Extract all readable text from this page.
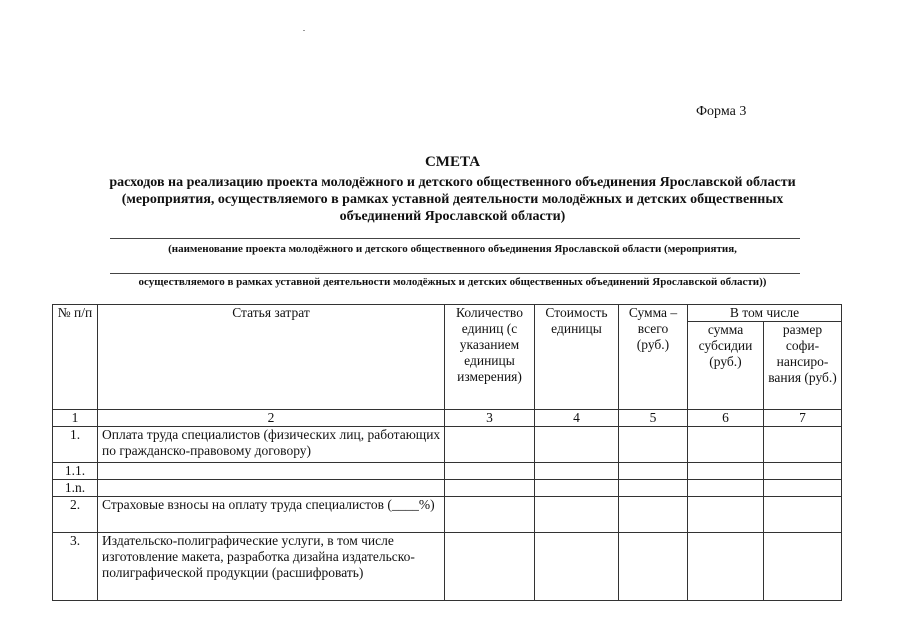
Форма 3
СМЕТА
расходов на реализацию проекта молодёжного и детского общественного объединения Ярославской области
(мероприятия, осуществляемого в рамках уставной деятельности молодёжных и детских общественных
объединений Ярославской области)
(наименование проекта молодёжного и детского общественного объединения Ярославской области (мероприятия,
осуществляемого в рамках уставной деятельности молодёжных и детских общественных объединений Ярославской области))
№ п/п	Статья затрат	Количество единиц (с указанием единицы измерения)	Стоимость единицы	Сумма – всего (руб.)	В том числе	
					сумма субсидии (руб.)	размер софи-нансиро-вания (руб.)
1	2	3	4	5	6	7
1.	Оплата труда специалистов (физических лиц, работающих по гражданско-правовому договору)					
1.1.						
1.n.						
2.	Страховые взносы на оплату труда специалистов (____%)					
3.	Издательско-полиграфические услуги, в том числе изготовление макета, разработка дизайна издательско-полиграфической продукции (расшифровать)					
